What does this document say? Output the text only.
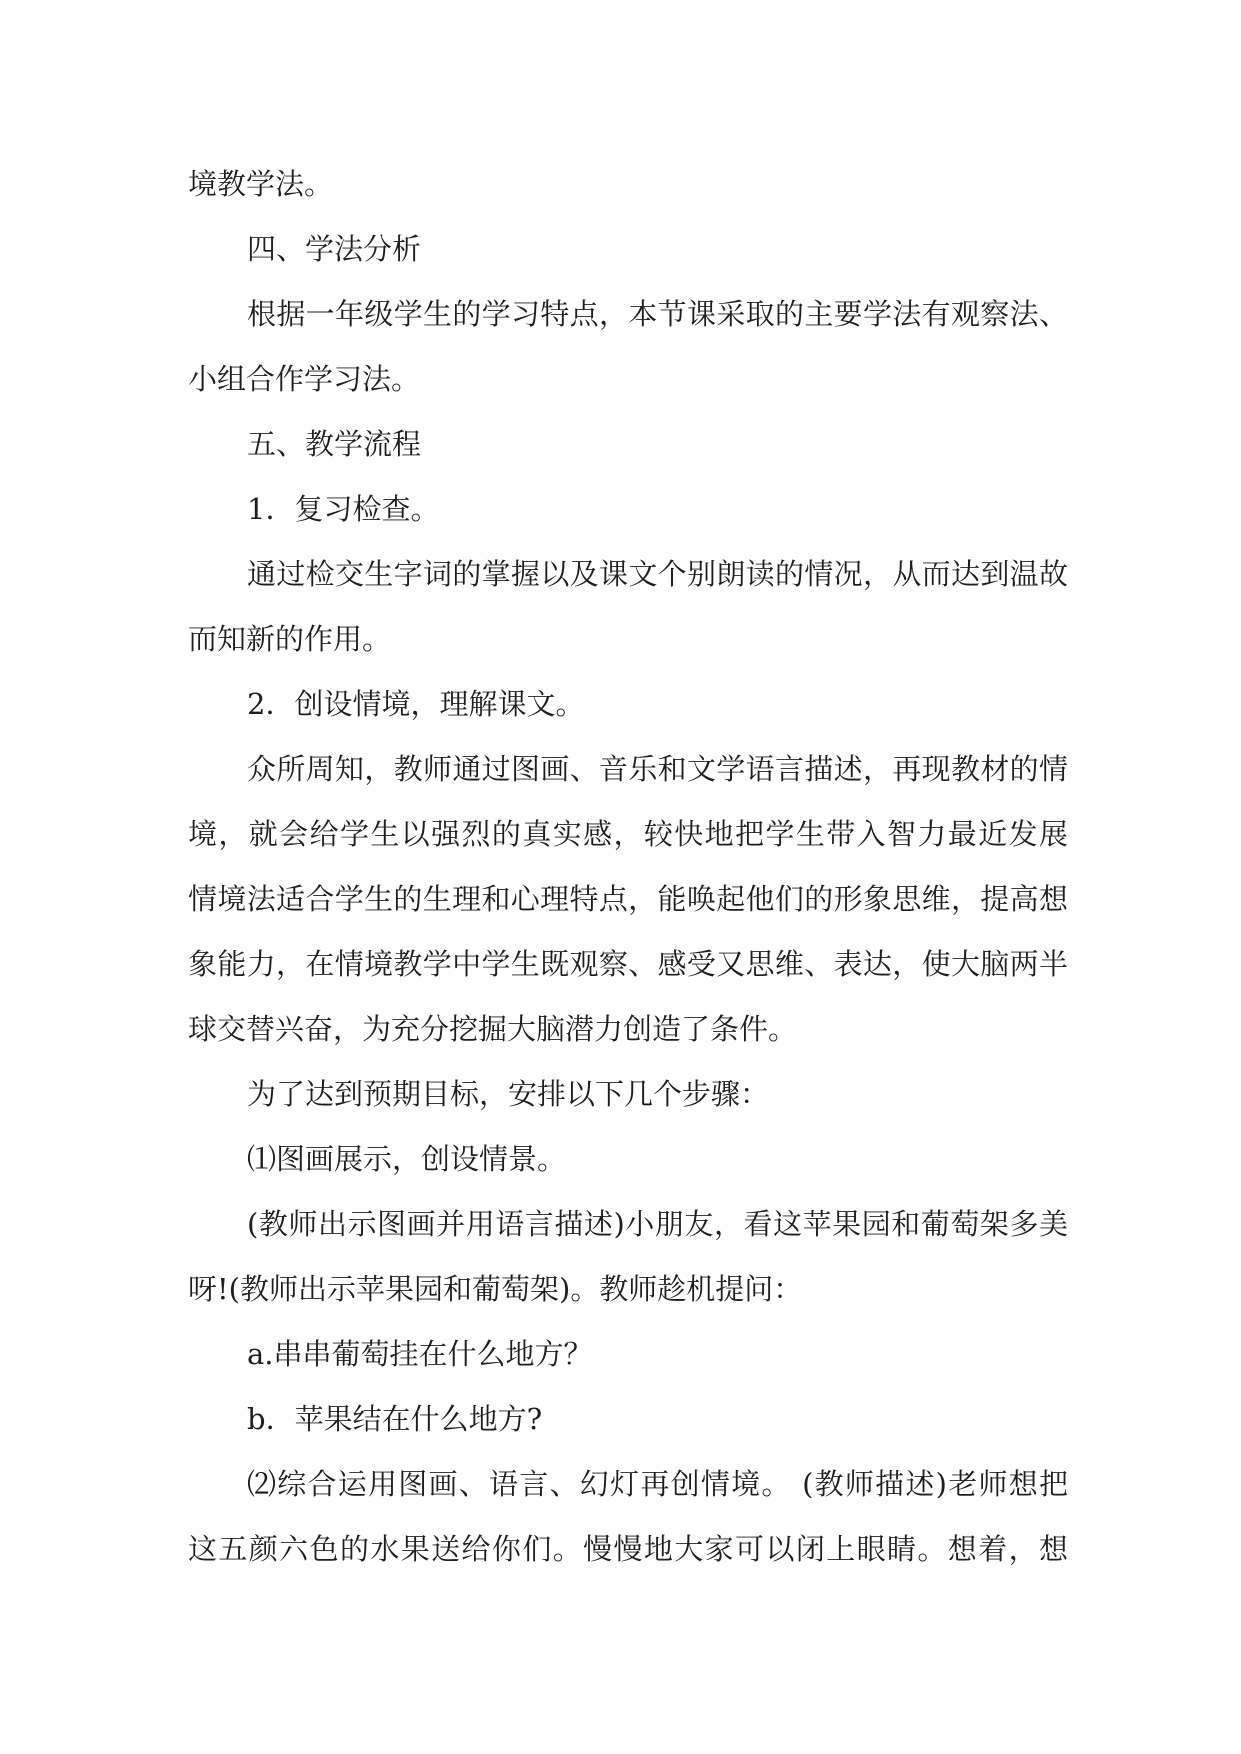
境教学法。
四、学法分析
根据一年级学生的学习特点，本节课采取的主要学法有观察法、
小组合作学习法。
五、教学流程
1．复习检查。
通过检交生字词的掌握以及课文个别朗读的情况，从而达到温故
而知新的作用。
2．创设情境，理解课文。
众所周知，教师通过图画、音乐和文学语言描述，再现教材的情
境，就会给学生以强烈的真实感，较快地把学生带入智力最近发展
情境法适合学生的生理和心理特点，能唤起他们的形象思维，提高想
象能力，在情境教学中学生既观察、感受又思维、表达，使大脑两半
球交替兴奋，为充分挖掘大脑潜力创造了条件。
为了达到预期目标，安排以下几个步骤：
⑴图画展示，创设情景。
(教师出示图画并用语言描述)小朋友，看这苹果园和葡萄架多美
呀!(教师出示苹果园和葡萄架)。教师趁机提问：
a.串串葡萄挂在什么地方？
b．苹果结在什么地方?
⑵综合运用图画、语言、幻灯再创情境。 (教师描述)老师想把
这五颜六色的水果送给你们。慢慢地大家可以闭上眼睛。想着，想
